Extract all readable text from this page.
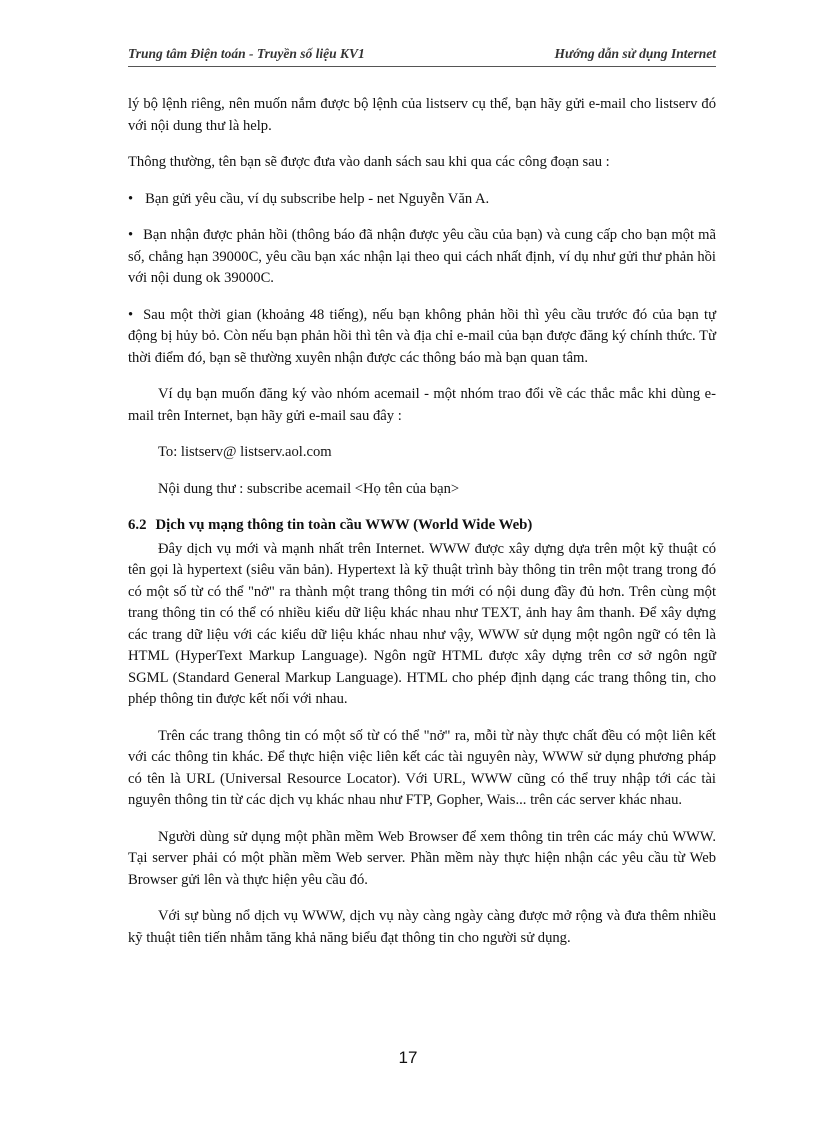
Trung tâm Điện toán - Truyền số liệu KV1	Hướng dẫn sử dụng Internet

lý bộ lệnh riêng, nên muốn nắm được bộ lệnh của listserv cụ thể, bạn hãy gửi e-mail cho listserv đó với nội dung thư là help.

Thông thường, tên bạn sẽ được đưa vào danh sách sau khi qua các công đoạn sau :

• Bạn gửi yêu cầu, ví dụ subscribe help - net Nguyễn Văn A.
• Bạn nhận được phản hồi (thông báo đã nhận được yêu cầu của bạn) và cung cấp cho bạn một mã số, chẳng hạn 39000C, yêu cầu bạn xác nhận lại theo qui cách nhất định, ví dụ như gửi thư phản hồi với nội dung ok 39000C.
• Sau một thời gian (khoảng 48 tiếng), nếu bạn không phản hồi thì yêu cầu trước đó của bạn tự động bị hủy bỏ. Còn nếu bạn phản hồi thì tên và địa chỉ e-mail của bạn được đăng ký chính thức. Từ thời điểm đó, bạn sẽ thường xuyên nhận được các thông báo mà bạn quan tâm.

Ví dụ bạn muốn đăng ký vào nhóm acemail - một nhóm trao đổi về các thắc mắc khi dùng e-mail trên Internet, bạn hãy gửi e-mail sau đây :

To: listserv@ listserv.aol.com
Nội dung thư : subscribe acemail <Họ tên của bạn>
6.2 Dịch vụ mạng thông tin toàn cầu WWW (World Wide Web)

Đây dịch vụ mới và mạnh nhất trên Internet. WWW được xây dựng dựa trên một kỹ thuật có tên gọi là hypertext (siêu văn bản). Hypertext là kỹ thuật trình bày thông tin trên một trang trong đó có một số từ có thể "nở" ra thành một trang thông tin mới có nội dung đầy đủ hơn. Trên cùng một trang thông tin có thể có nhiều kiểu dữ liệu khác nhau như TEXT, ảnh hay âm thanh. Để xây dựng các trang dữ liệu với các kiểu dữ liệu khác nhau như vậy, WWW sử dụng một ngôn ngữ có tên là HTML (HyperText Markup Language). Ngôn ngữ HTML được xây dựng trên cơ sở ngôn ngữ SGML (Standard General Markup Language). HTML cho phép định dạng các trang thông tin, cho phép thông tin được kết nối với nhau.

Trên các trang thông tin có một số từ có thể "nở" ra, mỗi từ này thực chất đều có một liên kết với các thông tin khác. Để thực hiện việc liên kết các tài nguyên này, WWW sử dụng phương pháp có tên là URL (Universal Resource Locator). Với URL, WWW cũng có thể truy nhập tới các tài nguyên thông tin từ các dịch vụ khác nhau như FTP, Gopher, Wais... trên các server khác nhau.

Người dùng sử dụng một phần mềm Web Browser để xem thông tin trên các máy chủ WWW. Tại server phải có một phần mềm Web server. Phần mềm này thực hiện nhận các yêu cầu từ Web Browser gửi lên và thực hiện yêu cầu đó.

Với sự bùng nổ dịch vụ WWW, dịch vụ này càng ngày càng được mở rộng và đưa thêm nhiều kỹ thuật tiên tiến nhằm tăng khả năng biểu đạt thông tin cho người sử dụng.

17
